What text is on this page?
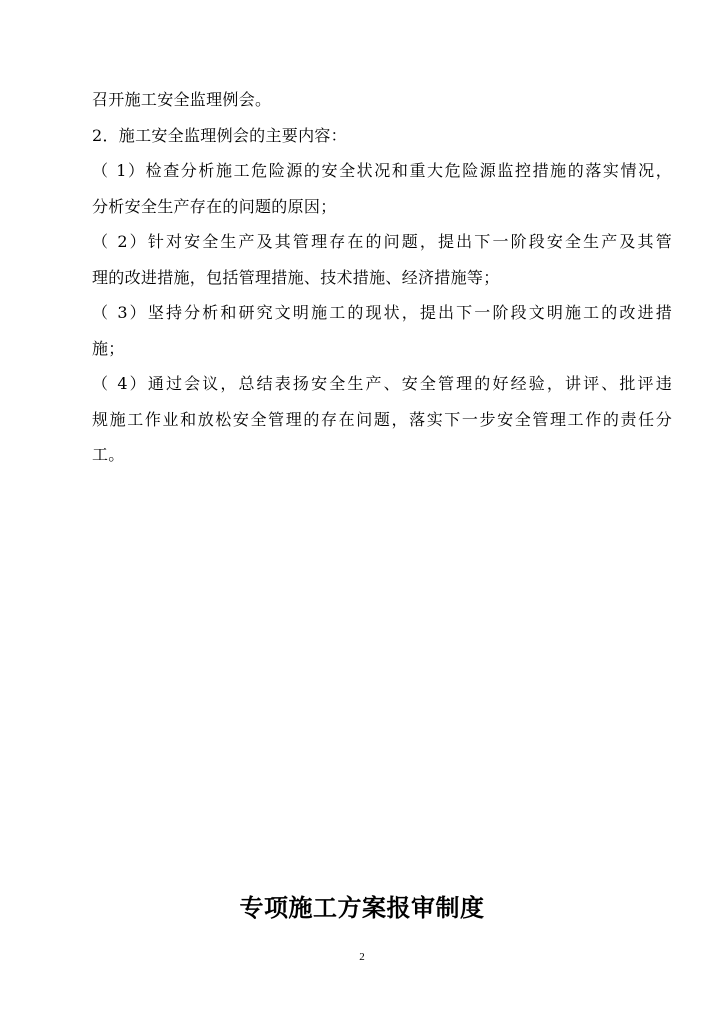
召开施工安全监理例会。
2．施工安全监理例会的主要内容：
（ 1）检查分析施工危险源的安全状况和重大危险源监控措施的落实情况，
分析安全生产存在的问题的原因；
（ 2）针对安全生产及其管理存在的问题，提出下一阶段安全生产及其管
理的改进措施，包括管理措施、技术措施、经济措施等；
（ 3）坚持分析和研究文明施工的现状，提出下一阶段文明施工的改进措
施；
（ 4）通过会议，总结表扬安全生产、安全管理的好经验，讲评、批评违
规施工作业和放松安全管理的存在问题，落实下一步安全管理工作的责任分
工。
专项施工方案报审制度
2
